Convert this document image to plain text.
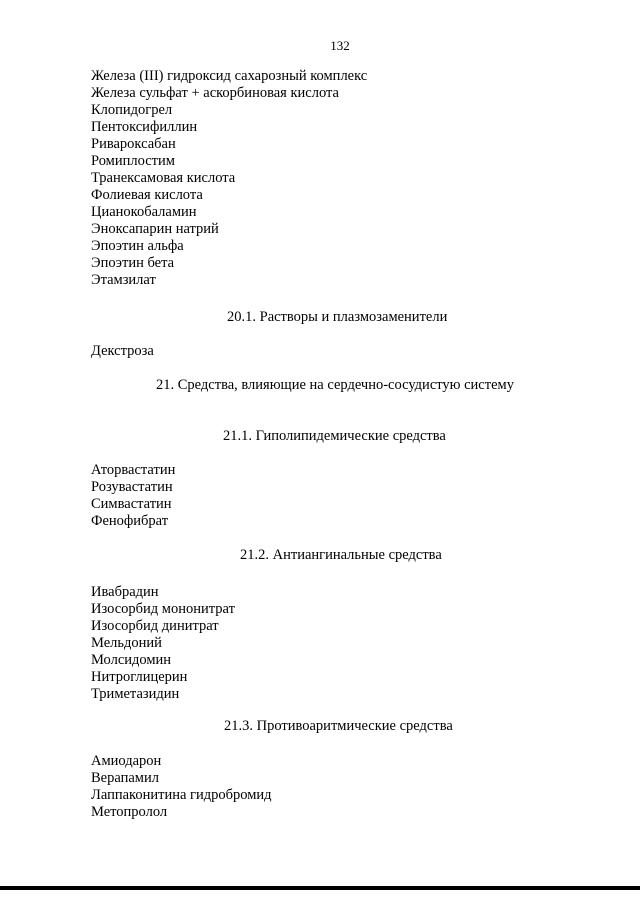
132
Железа (III) гидроксид сахарозный комплекс
Железа сульфат + аскорбиновая кислота
Клопидогрел
Пентоксифиллин
Ривароксабан
Ромиплостим
Транексамовая кислота
Фолиевая кислота
Цианокобаламин
Эноксапарин натрий
Эпоэтин альфа
Эпоэтин бета
Этамзилат
20.1. Растворы и плазмозаменители
Декстроза
21. Средства, влияющие на сердечно-сосудистую систему
21.1. Гиполипидемические средства
Аторвастатин
Розувастатин
Симвастатин
Фенофибрат
21.2. Антиангинальные средства
Ивабрадин
Изосорбид мононитрат
Изосорбид динитрат
Мельдоний
Молсидомин
Нитроглицерин
Триметазидин
21.3. Противоаритмические средства
Амиодарон
Верапамил
Лаппаконитина гидробромид
Метопролол
